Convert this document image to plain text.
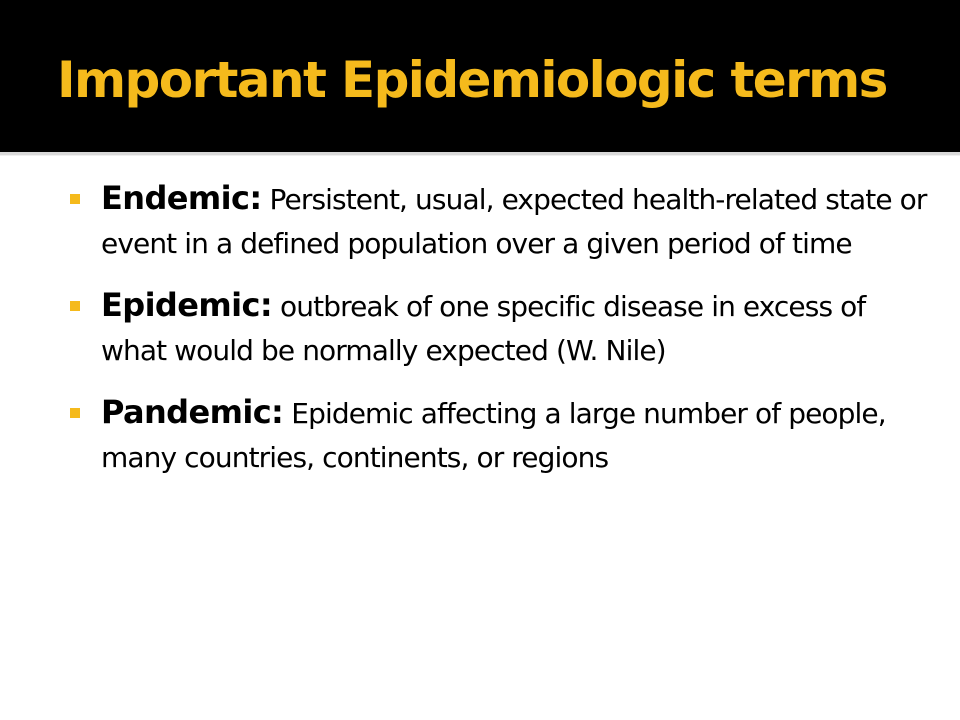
Important Epidemiologic terms
Endemic: Persistent, usual, expected health-related state or event in a defined population over a given period of time
Epidemic: outbreak of one specific disease in excess of what would be normally expected (W. Nile)
Pandemic: Epidemic affecting a large number of people, many countries, continents, or regions
